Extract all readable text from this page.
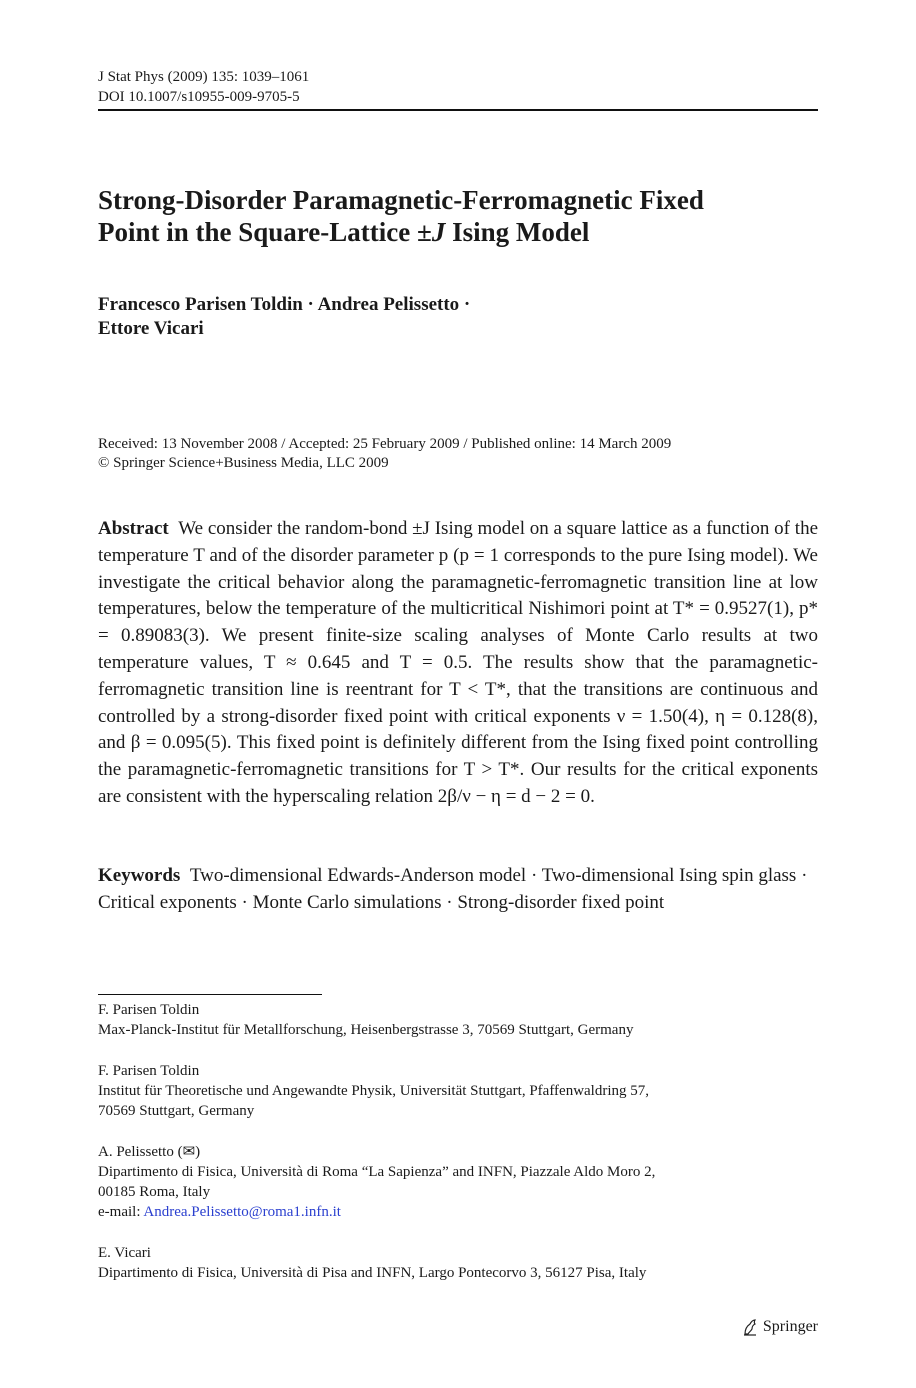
J Stat Phys (2009) 135: 1039–1061
DOI 10.1007/s10955-009-9705-5
Strong-Disorder Paramagnetic-Ferromagnetic Fixed
Point in the Square-Lattice ±J Ising Model
Francesco Parisen Toldin · Andrea Pelissetto ·
Ettore Vicari
Received: 13 November 2008 / Accepted: 25 February 2009 / Published online: 14 March 2009
© Springer Science+Business Media, LLC 2009
Abstract We consider the random-bond ±J Ising model on a square lattice as a function of the temperature T and of the disorder parameter p (p = 1 corresponds to the pure Ising model). We investigate the critical behavior along the paramagnetic-ferromagnetic transition line at low temperatures, below the temperature of the multicritical Nishimori point at T* = 0.9527(1), p* = 0.89083(3). We present finite-size scaling analyses of Monte Carlo results at two temperature values, T ≈ 0.645 and T = 0.5. The results show that the paramagnetic-ferromagnetic transition line is reentrant for T < T*, that the transitions are continuous and controlled by a strong-disorder fixed point with critical exponents ν = 1.50(4), η = 0.128(8), and β = 0.095(5). This fixed point is definitely different from the Ising fixed point controlling the paramagnetic-ferromagnetic transitions for T > T*. Our results for the critical exponents are consistent with the hyperscaling relation 2β/ν − η = d − 2 = 0.
Keywords Two-dimensional Edwards-Anderson model · Two-dimensional Ising spin glass · Critical exponents · Monte Carlo simulations · Strong-disorder fixed point
F. Parisen Toldin
Max-Planck-Institut für Metallforschung, Heisenbergstrasse 3, 70569 Stuttgart, Germany
F. Parisen Toldin
Institut für Theoretische und Angewandte Physik, Universität Stuttgart, Pfaffenwaldring 57,
70569 Stuttgart, Germany
A. Pelissetto (✉)
Dipartimento di Fisica, Università di Roma “La Sapienza” and INFN, Piazzale Aldo Moro 2,
00185 Roma, Italy
e-mail: Andrea.Pelissetto@roma1.infn.it
E. Vicari
Dipartimento di Fisica, Università di Pisa and INFN, Largo Pontecorvo 3, 56127 Pisa, Italy
Springer
